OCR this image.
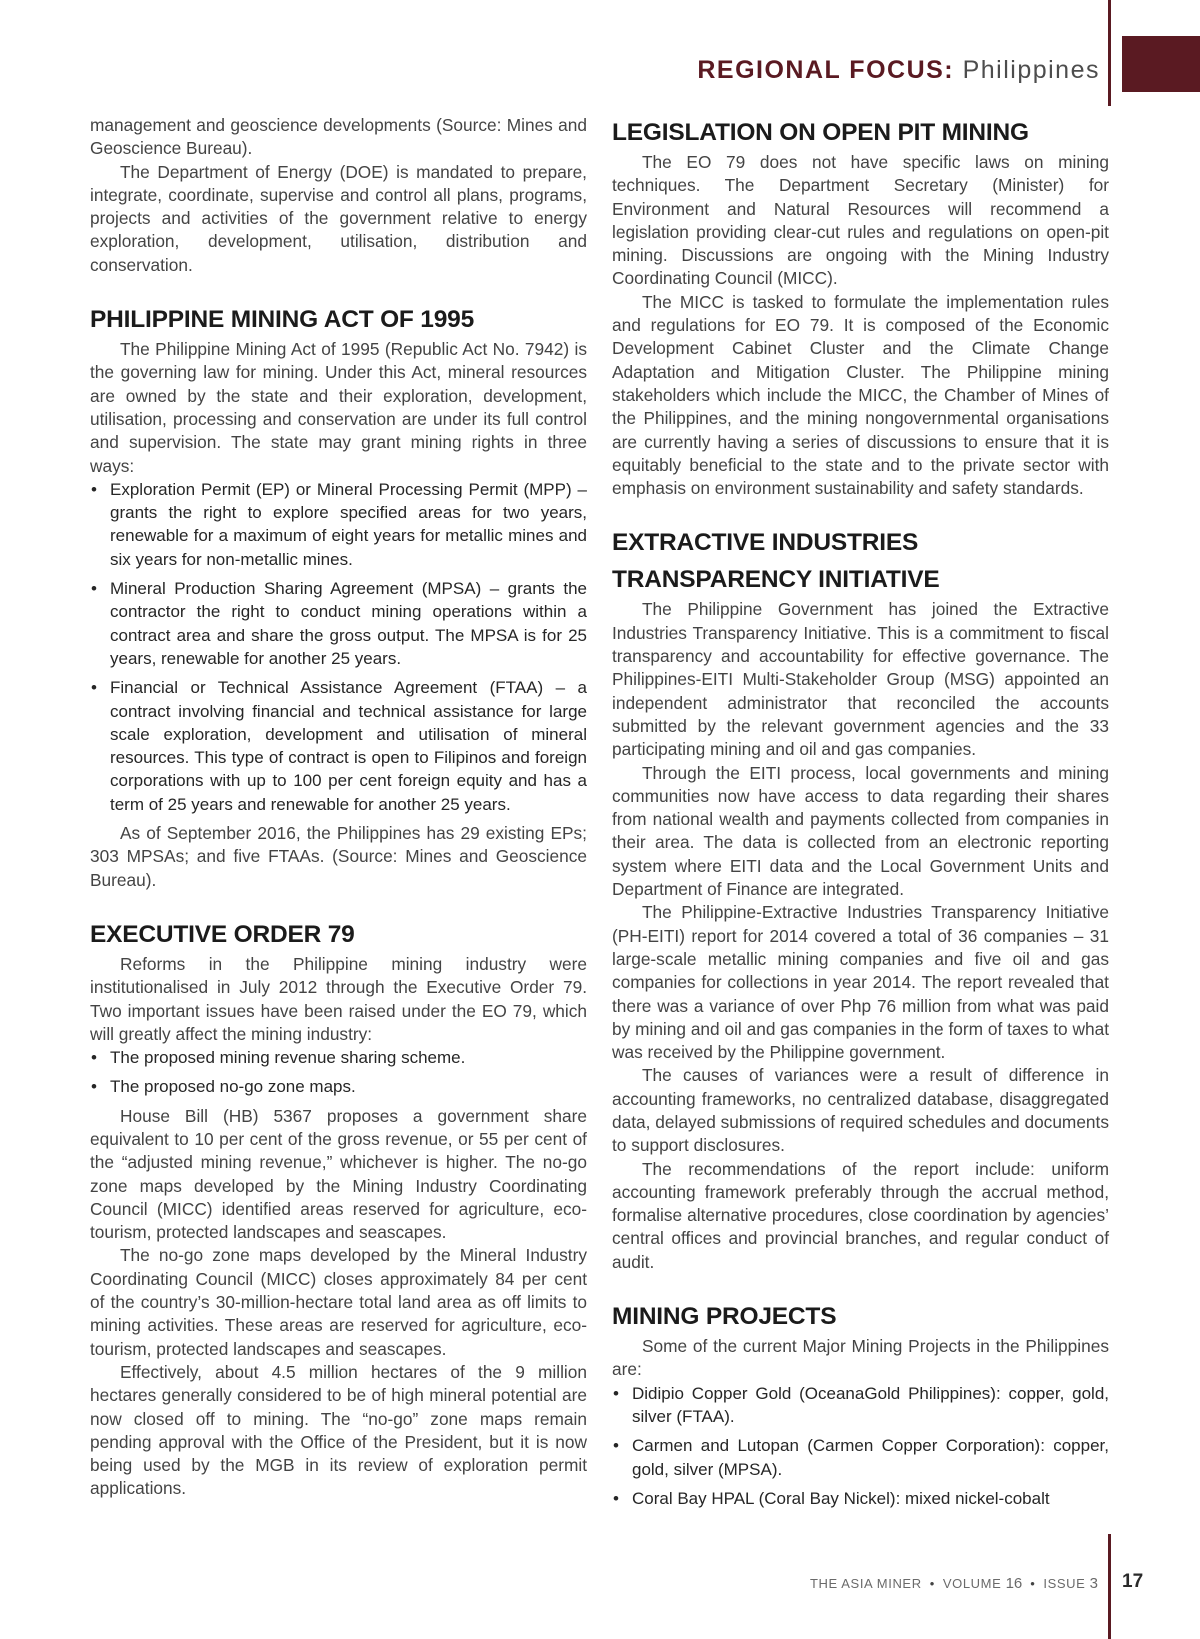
REGIONAL FOCUS: Philippines

management and geoscience developments (Source: Mines and Geoscience Bureau).

The Department of Energy (DOE) is mandated to prepare, integrate, coordinate, supervise and control all plans, programs, projects and activities of the government relative to energy exploration, development, utilisation, distribution and conservation.

PHILIPPINE MINING ACT OF 1995

The Philippine Mining Act of 1995 (Republic Act No. 7942) is the governing law for mining. Under this Act, mineral resources are owned by the state and their exploration, development, utilisation, processing and conservation are under its full control and supervision. The state may grant mining rights in three ways:

• Exploration Permit (EP) or Mineral Processing Permit (MPP) – grants the right to explore specified areas for two years, renewable for a maximum of eight years for metallic mines and six years for non-metallic mines.
• Mineral Production Sharing Agreement (MPSA) – grants the contractor the right to conduct mining operations within a contract area and share the gross output. The MPSA is for 25 years, renewable for another 25 years.
• Financial or Technical Assistance Agreement (FTAA) – a contract involving financial and technical assistance for large scale exploration, development and utilisation of mineral resources. This type of contract is open to Filipinos and foreign corporations with up to 100 per cent foreign equity and has a term of 25 years and renewable for another 25 years.

As of September 2016, the Philippines has 29 existing EPs; 303 MPSAs; and five FTAAs. (Source: Mines and Geoscience Bureau).

EXECUTIVE ORDER 79

Reforms in the Philippine mining industry were institutionalised in July 2012 through the Executive Order 79. Two important issues have been raised under the EO 79, which will greatly affect the mining industry:

• The proposed mining revenue sharing scheme.
• The proposed no-go zone maps.

House Bill (HB) 5367 proposes a government share equivalent to 10 per cent of the gross revenue, or 55 per cent of the “adjusted mining revenue,” whichever is higher. The no-go zone maps developed by the Mining Industry Coordinating Council (MICC) identified areas reserved for agriculture, eco-tourism, protected landscapes and seascapes.

The no-go zone maps developed by the Mineral Industry Coordinating Council (MICC) closes approximately 84 per cent of the country’s 30-million-hectare total land area as off limits to mining activities. These areas are reserved for agriculture, eco-tourism, protected landscapes and seascapes.

Effectively, about 4.5 million hectares of the 9 million hectares generally considered to be of high mineral potential are now closed off to mining. The “no-go” zone maps remain pending approval with the Office of the President, but it is now being used by the MGB in its review of exploration permit applications.

LEGISLATION ON OPEN PIT MINING

The EO 79 does not have specific laws on mining techniques. The Department Secretary (Minister) for Environment and Natural Resources will recommend a legislation providing clear-cut rules and regulations on open-pit mining. Discussions are ongoing with the Mining Industry Coordinating Council (MICC).

The MICC is tasked to formulate the implementation rules and regulations for EO 79. It is composed of the Economic Development Cabinet Cluster and the Climate Change Adaptation and Mitigation Cluster. The Philippine mining stakeholders which include the MICC, the Chamber of Mines of the Philippines, and the mining nongovernmental organisations are currently having a series of discussions to ensure that it is equitably beneficial to the state and to the private sector with emphasis on environment sustainability and safety standards.

EXTRACTIVE INDUSTRIES
TRANSPARENCY INITIATIVE

The Philippine Government has joined the Extractive Industries Transparency Initiative. This is a commitment to fiscal transparency and accountability for effective governance. The Philippines-EITI Multi-Stakeholder Group (MSG) appointed an independent administrator that reconciled the accounts submitted by the relevant government agencies and the 33 participating mining and oil and gas companies.

Through the EITI process, local governments and mining communities now have access to data regarding their shares from national wealth and payments collected from companies in their area. The data is collected from an electronic reporting system where EITI data and the Local Government Units and Department of Finance are integrated.

The Philippine-Extractive Industries Transparency Initiative (PH-EITI) report for 2014 covered a total of 36 companies – 31 large-scale metallic mining companies and five oil and gas companies for collections in year 2014. The report revealed that there was a variance of over Php 76 million from what was paid by mining and oil and gas companies in the form of taxes to what was received by the Philippine government.

The causes of variances were a result of difference in accounting frameworks, no centralized database, disaggregated data, delayed submissions of required schedules and documents to support disclosures.

The recommendations of the report include: uniform accounting framework preferably through the accrual method, formalise alternative procedures, close coordination by agencies’ central offices and provincial branches, and regular conduct of audit.

MINING PROJECTS

Some of the current Major Mining Projects in the Philippines are:

• Didipio Copper Gold (OceanaGold Philippines): copper, gold, silver (FTAA).
• Carmen and Lutopan (Carmen Copper Corporation): copper, gold, silver (MPSA).
• Coral Bay HPAL (Coral Bay Nickel): mixed nickel-cobalt
THE ASIA MINER • VOLUME 16 • ISSUE 3 17
